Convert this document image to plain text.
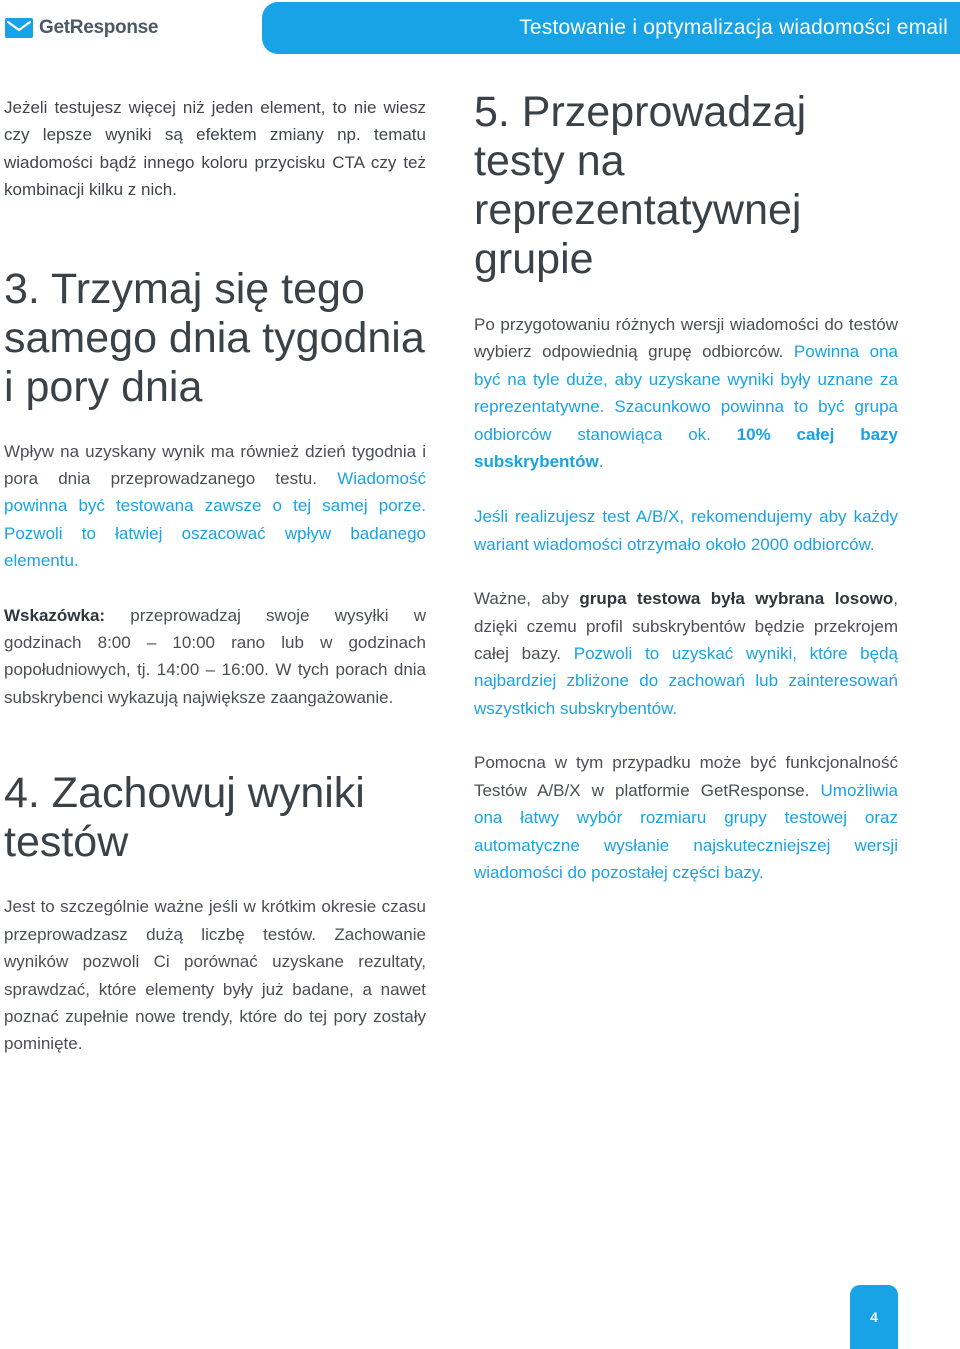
GetResponse	Testowanie i optymalizacja wiadomości email

Jeżeli testujesz więcej niż jeden element, to nie wiesz czy lepsze wyniki są efektem zmiany np. tematu wiadomości bądź innego koloru przycisku CTA czy też kombinacji kilku z nich.

3. Trzymaj się tego samego dnia tygodnia i pory dnia

Wpływ na uzyskany wynik ma również dzień tygodnia i pora dnia przeprowadzanego testu. Wiadomość powinna być testowana zawsze o tej samej porze. Pozwoli to łatwiej oszacować wpływ badanego elementu.

Wskazówka: przeprowadzaj swoje wysyłki w godzinach 8:00 – 10:00 rano lub w godzinach popołudniowych, tj. 14:00 – 16:00. W tych porach dnia subskrybenci wykazują największe zaangażowanie.

4. Zachowuj wyniki testów

Jest to szczególnie ważne jeśli w krótkim okresie czasu przeprowadzasz dużą liczbę testów. Zachowanie wyników pozwoli Ci porównać uzyskane rezultaty, sprawdzać, które elementy były już badane, a nawet poznać zupełnie nowe trendy, które do tej pory zostały pominięte.

5. Przeprowadzaj testy na reprezentatywnej grupie

Po przygotowaniu różnych wersji wiadomości do testów wybierz odpowiednią grupę odbiorców. Powinna ona być na tyle duże, aby uzyskane wyniki były uznane za reprezentatywne. Szacunkowo powinna to być grupa odbiorców stanowiąca ok. 10% całej bazy subskrybentów.

Jeśli realizujesz test A/B/X, rekomendujemy aby każdy wariant wiadomości otrzymało około 2000 odbiorców.

Ważne, aby grupa testowa była wybrana losowo, dzięki czemu profil subskrybentów będzie przekrojem całej bazy. Pozwoli to uzyskać wyniki, które będą najbardziej zbliżone do zachowań lub zainteresowań wszystkich subskrybentów.

Pomocna w tym przypadku może być funkcjonalność Testów A/B/X w platformie GetResponse. Umożliwia ona łatwy wybór rozmiaru grupy testowej oraz automatyczne wysłanie najskuteczniejszej wersji wiadomości do pozostałej części bazy.

4
